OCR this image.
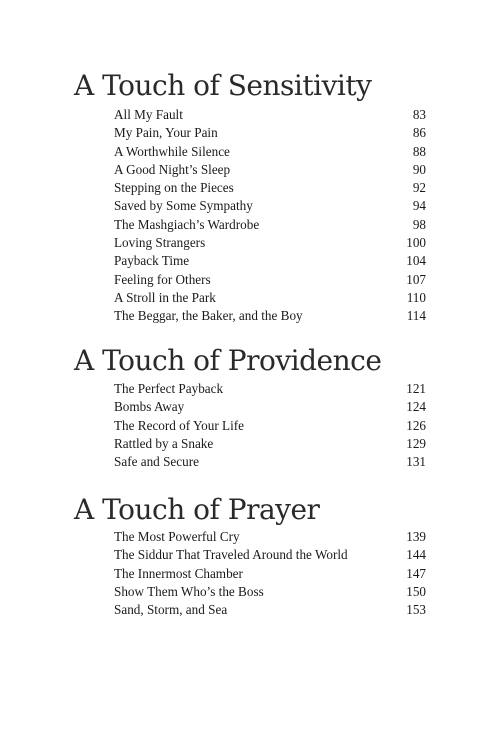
A Touch of Sensitivity
All My Fault	83
My Pain, Your Pain	86
A Worthwhile Silence	88
A Good Night’s Sleep	90
Stepping on the Pieces	92
Saved by Some Sympathy	94
The Mashgiach’s Wardrobe	98
Loving Strangers	100
Payback Time	104
Feeling for Others	107
A Stroll in the Park	110
The Beggar, the Baker, and the Boy	114
A Touch of Providence
The Perfect Payback	121
Bombs Away	124
The Record of Your Life	126
Rattled by a Snake	129
Safe and Secure	131
A Touch of Prayer
The Most Powerful Cry	139
The Siddur That Traveled Around the World	144
The Innermost Chamber	147
Show Them Who’s the Boss	150
Sand, Storm, and Sea	153
